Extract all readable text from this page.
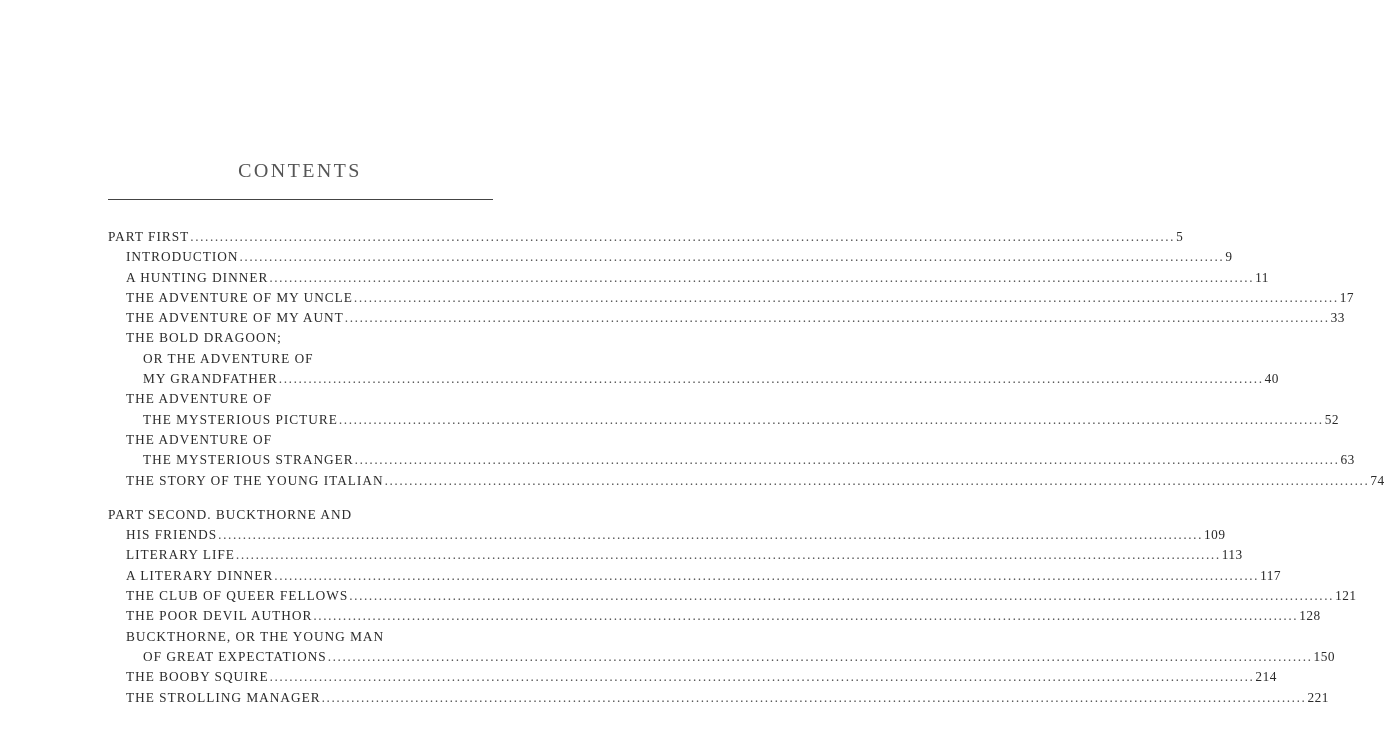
CONTENTS
PART FIRST ........................................................................................................................................................................................................ 5
INTRODUCTION ........................................................................................................................................................................................................ 9
A HUNTING DINNER ........................................................................................................................................................................................................ 11
THE ADVENTURE OF MY UNCLE ........................................................................................................................................................................................................ 17
THE ADVENTURE OF MY AUNT ........................................................................................................................................................................................................ 33
THE BOLD DRAGOON;
OR THE ADVENTURE OF
MY GRANDFATHER ........................................................................................................................................................................................................ 40
THE ADVENTURE OF
THE MYSTERIOUS PICTURE ........................................................................................................................................................................................................ 52
THE ADVENTURE OF
THE MYSTERIOUS STRANGER ........................................................................................................................................................................................................ 63
THE STORY OF THE YOUNG ITALIAN ........................................................................................................................................................................................................ 74
PART SECOND. BUCKTHORNE AND
HIS FRIENDS ........................................................................................................................................................................................................ 109
LITERARY LIFE ........................................................................................................................................................................................................ 113
A LITERARY DINNER ........................................................................................................................................................................................................ 117
THE CLUB OF QUEER FELLOWS ........................................................................................................................................................................................................ 121
THE POOR DEVIL AUTHOR ........................................................................................................................................................................................................ 128
BUCKTHORNE, OR THE YOUNG MAN
OF GREAT EXPECTATIONS ........................................................................................................................................................................................................ 150
THE BOOBY SQUIRE ........................................................................................................................................................................................................ 214
THE STROLLING MANAGER ........................................................................................................................................................................................................ 221
